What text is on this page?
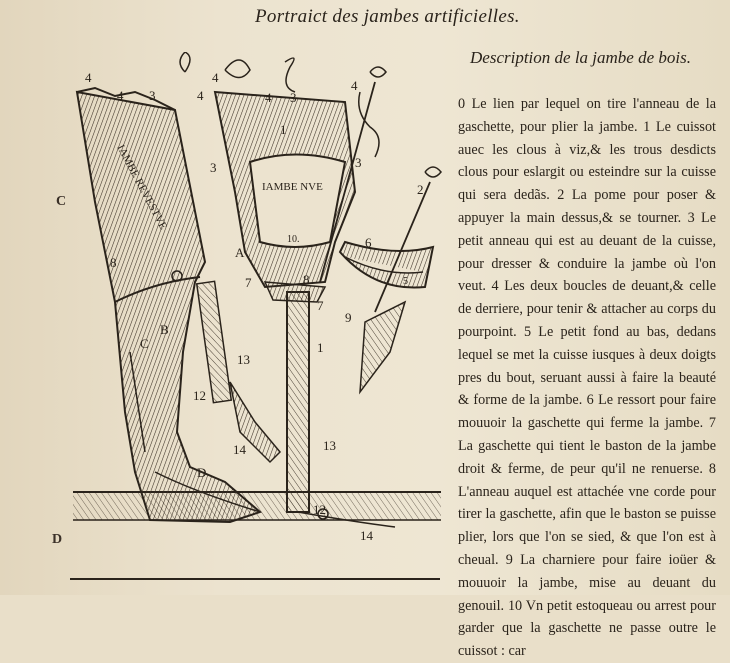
Portraict des jambes artificielles.
C
D
IAMBE REVESTVE	IAMBE NVE
10.
5
4
4 3	4
4
4 3
4
1
3	3
2
A
8
6
7	8
7
9
B
C	1
13
12
14
D
13
12
14
Description de la jambe de bois.
0 Le lien par lequel on tire l'anneau de la gaschette, pour plier la jambe. 1 Le cuissot auec les clous à viz,& les trous desdicts clous pour eslargit ou esteindre sur la cuisse qui sera dedãs. 2 La pome pour poser & appuyer la main dessus,& se tourner. 3 Le petit anneau qui est au deuant de la cuisse, pour dresser & conduire la jambe où l'on veut. 4 Les deux boucles de deuant,& celle de derriere, pour tenir & attacher au corps du pourpoint. 5 Le petit fond au bas, dedans lequel se met la cuisse iusques à deux doigts pres du bout, seruant aussi à faire la beauté & forme de la jambe. 6 Le ressort pour faire mouuoir la gaschette qui ferme la jambe. 7 La gaschette qui tient le baston de la jambe droit & ferme, de peur qu'il ne renuerse. 8 L'anneau auquel est attachée vne corde pour tirer la gaschette, afin que le baston se puisse plier, lors que l'on se sied, & que l'on est à cheual. 9 La charniere pour faire ioüer & mouuoir la jambe, mise au deuant du genouil. 10 Vn petit estoqueau ou arrest pour garder que la gaschette ne passe outre le cuissot : car
